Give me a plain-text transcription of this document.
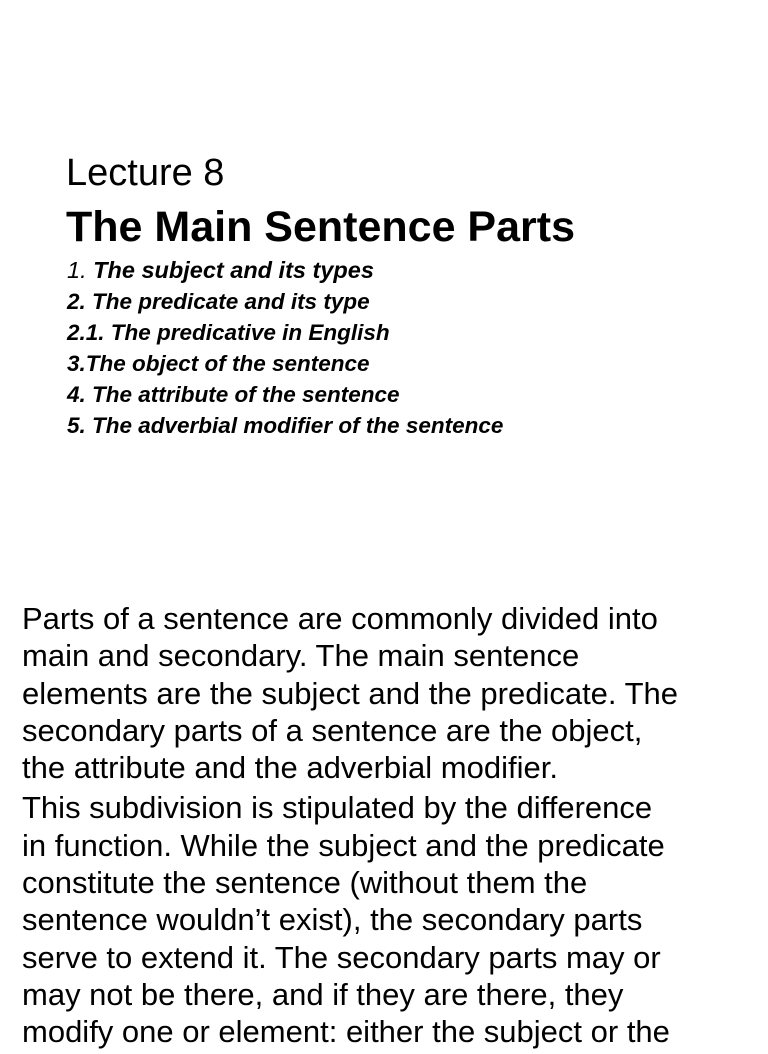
Lecture 8
The Main Sentence Parts
1. The subject and its types
2. The predicate and its type
2.1. The predicative in English
3.The object of the sentence
4. The attribute of the sentence
5. The adverbial modifier of the sentence

Parts of a sentence are commonly divided into
main and secondary. The main sentence
elements are the subject and the predicate. The
secondary parts of a sentence are the object,
the attribute and the adverbial modifier.

This subdivision is stipulated by the difference
in function. While the subject and the predicate
constitute the sentence (without them the
sentence wouldn’t exist), the secondary parts
serve to extend it. The secondary parts may or
may not be there, and if they are there, they
modify one or element: either the subject or the
